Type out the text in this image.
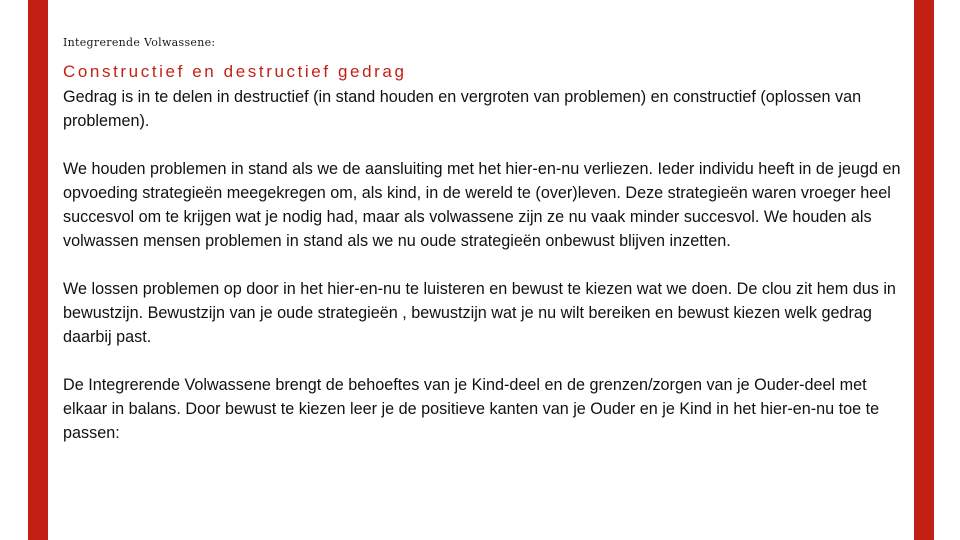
Integrerende Volwassene:
Constructief en destructief gedrag

Gedrag is in te delen in destructief (in stand houden en vergroten van problemen) en constructief (oplossen van problemen).

We houden problemen in stand als we de aansluiting met het hier-en-nu verliezen. Ieder individu heeft in de jeugd en opvoeding strategieën meegekregen om, als kind, in de wereld te (over)leven. Deze strategieën waren vroeger heel succesvol om te krijgen wat je nodig had, maar als volwassene zijn ze nu vaak minder succesvol. We houden als volwassen mensen problemen in stand als we nu oude strategieën onbewust blijven inzetten.

We lossen problemen op door in het hier-en-nu te luisteren en bewust te kiezen wat we doen. De clou zit hem dus in bewustzijn. Bewustzijn van je oude strategieën , bewustzijn wat je nu wilt bereiken en bewust kiezen welk gedrag daarbij past.

De Integrerende Volwassene brengt de behoeftes van je Kind-deel en de grenzen/zorgen van je Ouder-deel met elkaar in balans. Door bewust te kiezen leer je de positieve kanten van je Ouder en je Kind in het hier-en-nu toe te passen:
